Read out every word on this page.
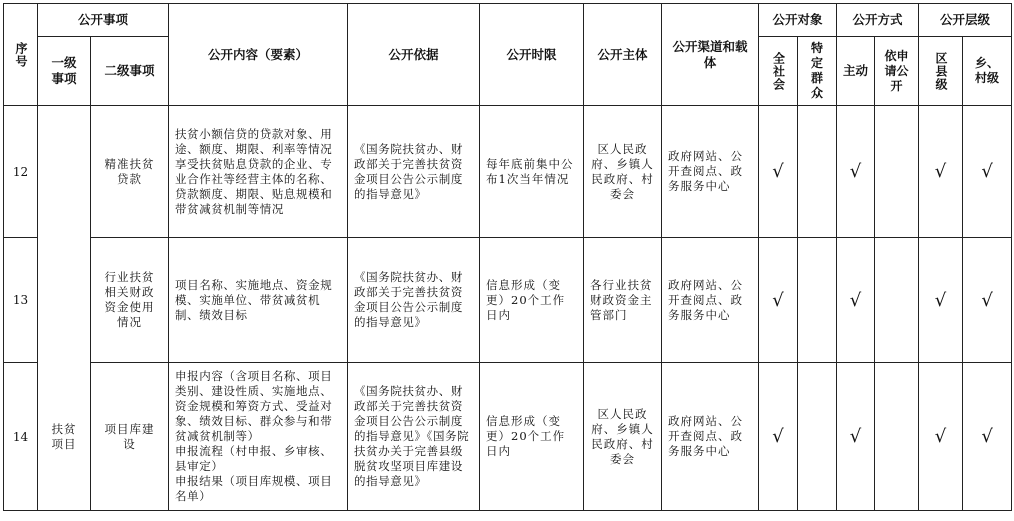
序号	公开事项		公开内容（要素）	公开依据	公开时限	公开主体	公开渠道和载体	公开对象		公开方式		公开层级	

	一级事项	二级事项						全社会	特定群众	主动	依申请公开	区县级	乡、村级

12		精准扶贫贷款	扶贫小额信贷的贷款对象、用途、额度、期限、利率等情况
享受扶贫贴息贷款的企业、专业合作社等经营主体的名称、贷款额度、期限、贴息规模和带贫减贫机制等情况	《国务院扶贫办、财政部关于完善扶贫资金项目公告公示制度的指导意见》	每年底前集中公布1次当年情况	区人民政府、乡镇人民政府、村委会	政府网站、公开查阅点、政务服务中心	√		√		√	√
13		行业扶贫相关财政资金使用情况	项目名称、实施地点、资金规模、实施单位、带贫减贫机制、绩效目标	《国务院扶贫办、财政部关于完善扶贫资金项目公告公示制度的指导意见》	信息形成（变更）20个工作日内	各行业扶贫财政资金主管部门	政府网站、公开查阅点、政务服务中心	√		√		√	√
14	扶贫项目	项目库建设	申报内容（含项目名称、项目类别、建设性质、实施地点、资金规模和筹资方式、受益对象、绩效目标、群众参与和带贫减贫机制等）
申报流程（村申报、乡审核、县审定）
申报结果（项目库规模、项目名单）	《国务院扶贫办、财政部关于完善扶贫资金项目公告公示制度的指导意见》《国务院扶贫办关于完善县级脱贫攻坚项目库建设的指导意见》	信息形成（变更）20个工作日内	区人民政府、乡镇人民政府、村委会	政府网站、公开查阅点、政务服务中心	√		√		√	√
